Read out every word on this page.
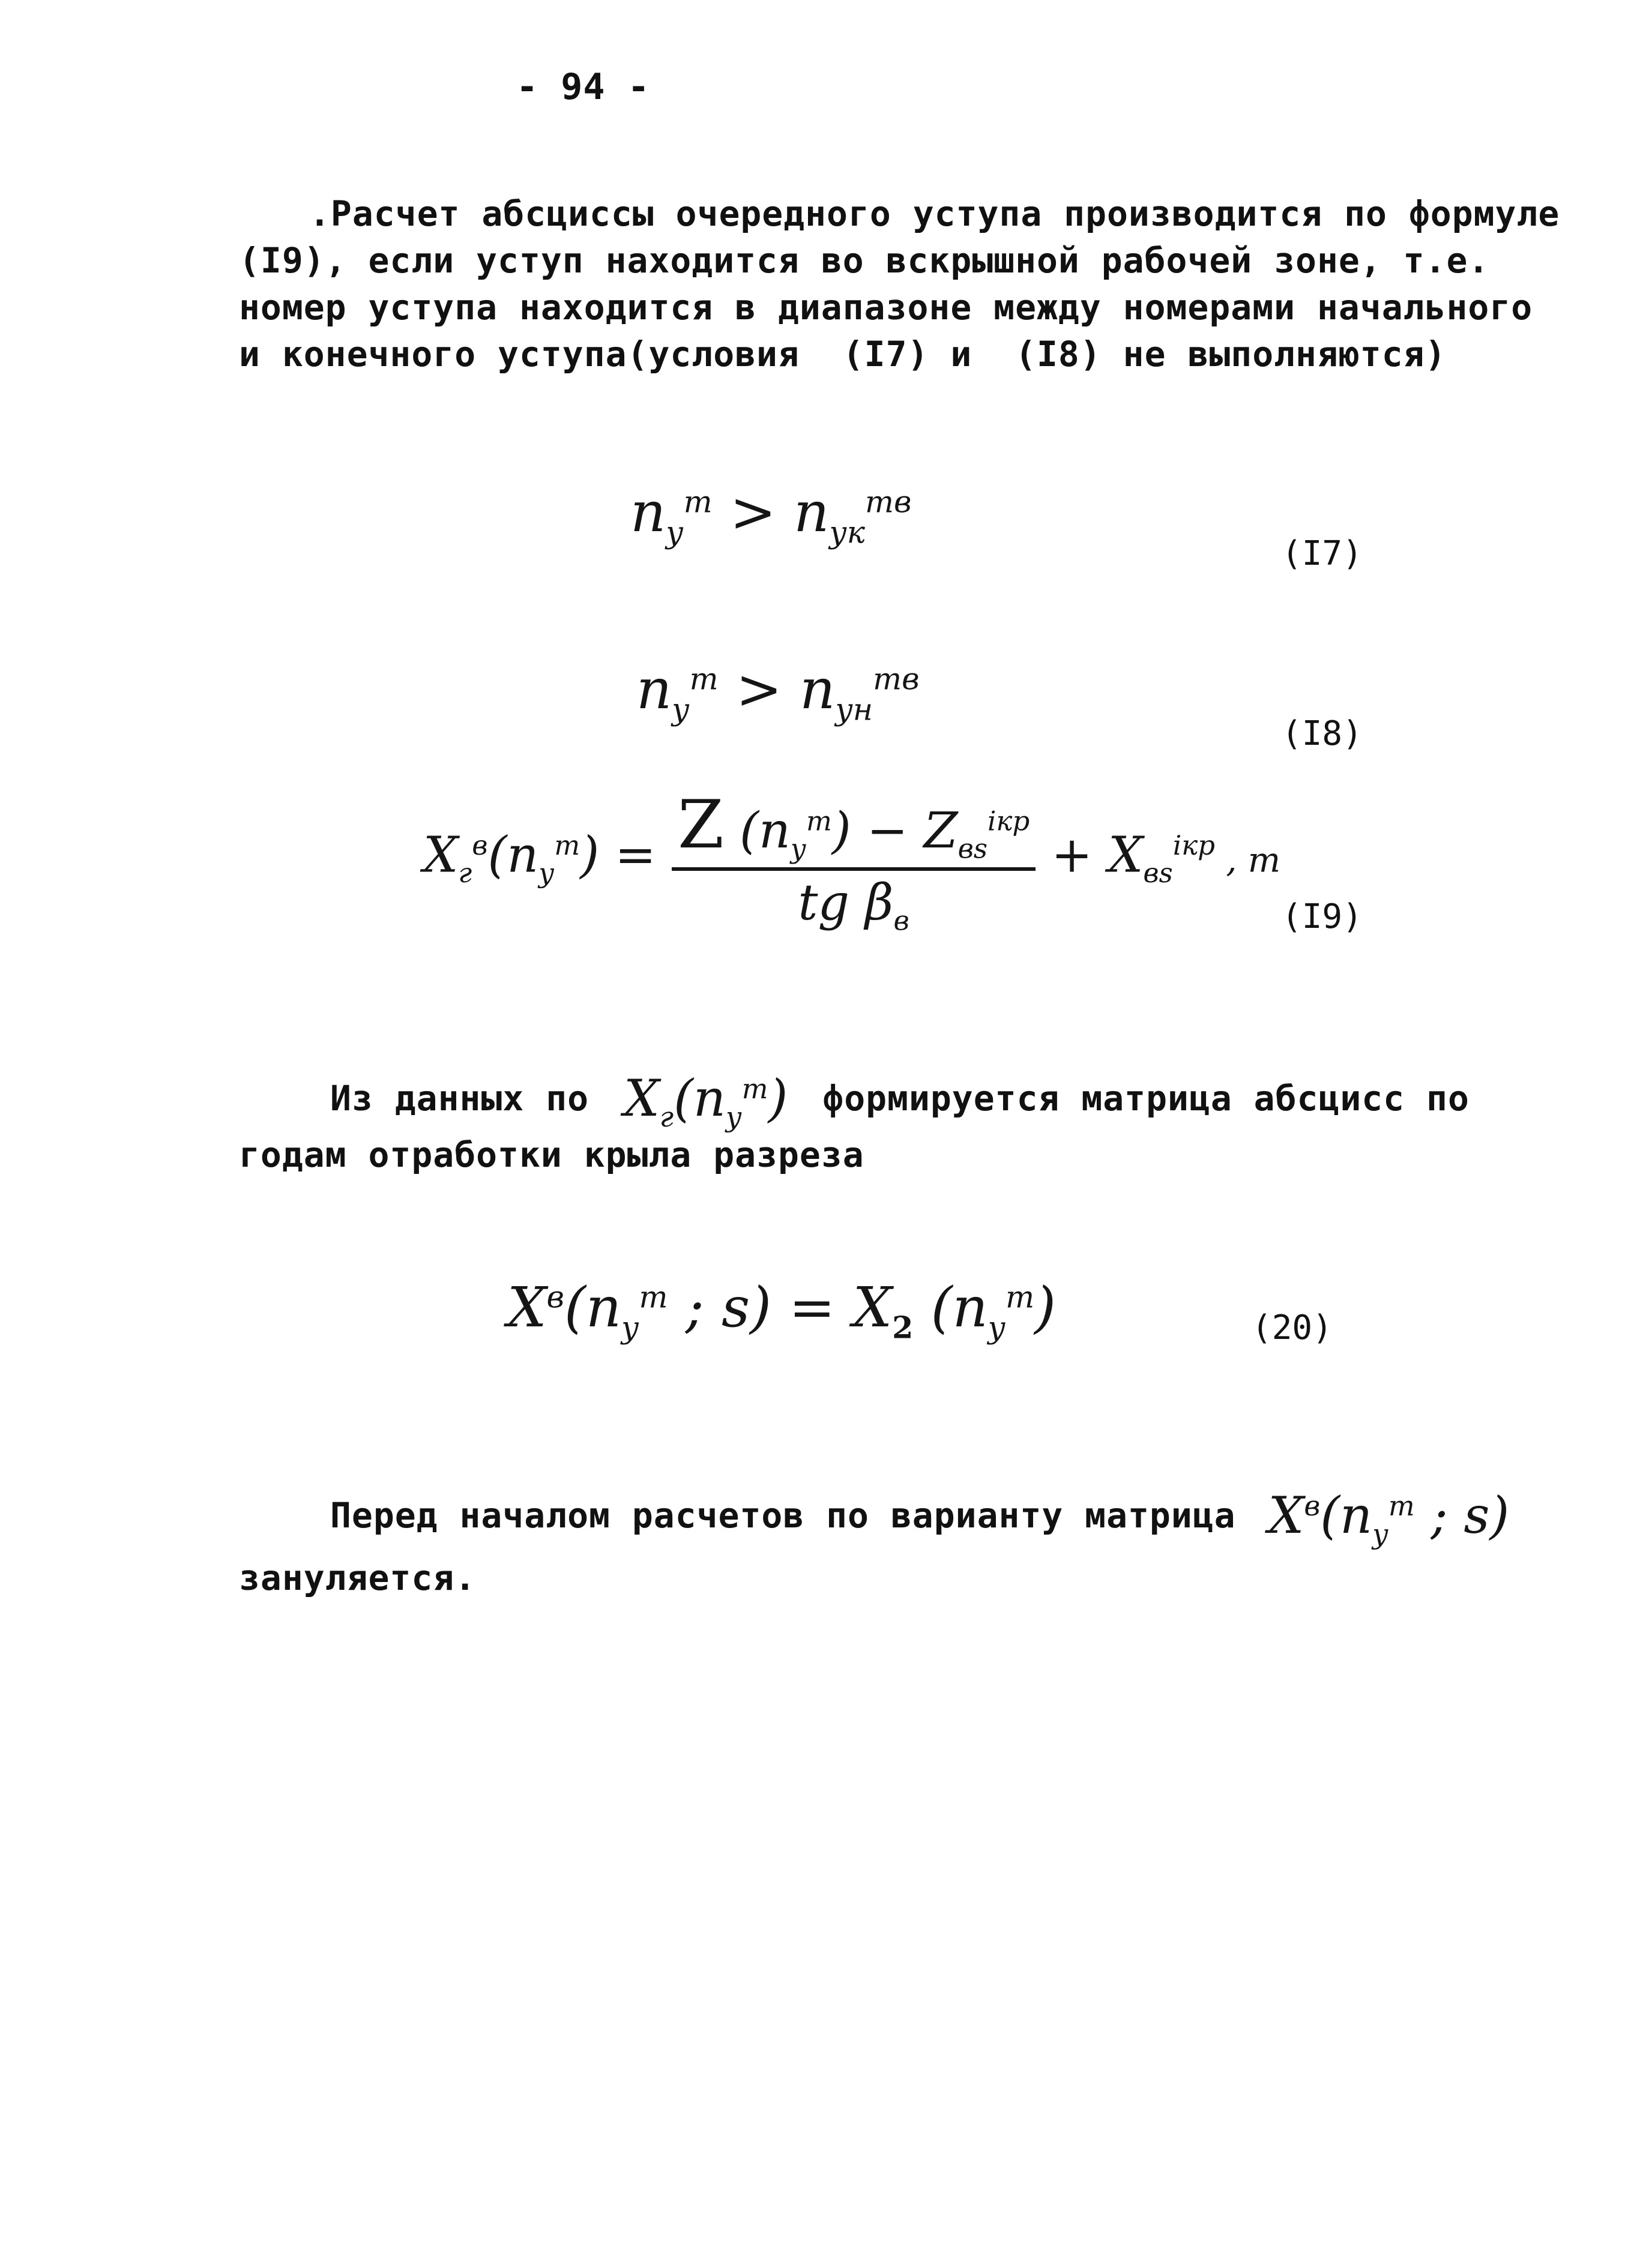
- 94 -
.Расчет абсциссы очередного уступа производится по формуле
(I9), если уступ находится во вскрышной рабочей зоне, т.е.
номер уступа находится в диапазоне между номерами начального
и конечного уступа(условия  (I7) и  (I8) не выполняются)
$n_у^m > n_{ук}^{mв}$
(I7)
$n_у^m > n_{ун}^{mв}$
(I8)
$X_г^в(n_у^m) = \frac{Z (n_у^m) - Z_{вs}^{iкр}}{tg \beta_в} + X_{вs}^{iкр}$ , m
(I9)
Из данных по $X_г(n_у^m)$ формируется матрица абсцисс по
годам отработки крыла разреза
$X^в(n_у^m$ ; $s) = X_2$ $(n_у^m)$	(20)
Перед началом расчетов по варианту матрица $X^в(n_у^m$ ; s)
зануляется.
